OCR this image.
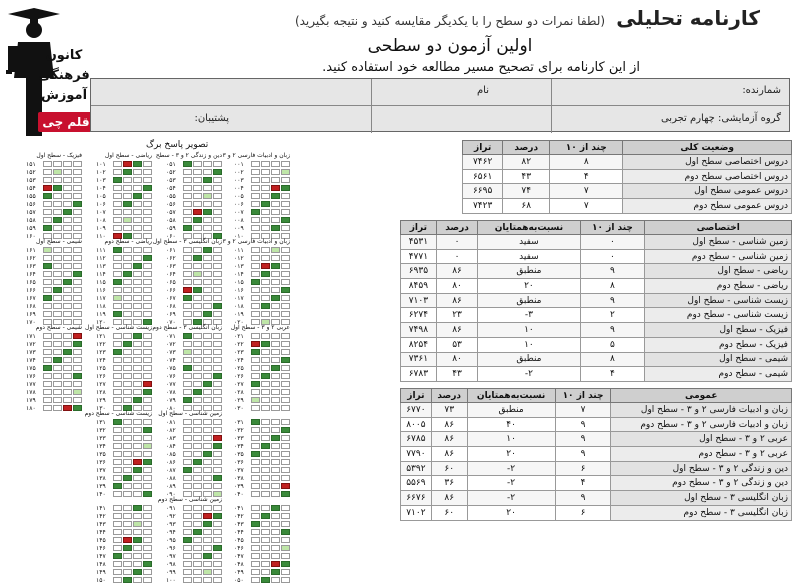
کانون
فرهنگی
آموزش
قلم چی
کارنامه تحلیلی (لطفا نمرات دو سطح را با یکدیگر مقایسه کنید و نتیجه بگیرید)
اولین آزمون دو سطحی
از این کارنامه برای تصحیح مسیر مطالعه خود استفاده کنید.
شمارنده:
نام
گروه آزمایشی: چهارم تجربی
پشتیبان:
تصویر پاسخ برگ
زبان و ادبیات فارسی ۲ و ۳
۰۰۱
۰۰۲
۰۰۳
۰۰۴
۰۰۵
۰۰۶
۰۰۷
۰۰۸
۰۰۹
۰۱۰
زبان و ادبیات فارسی ۲ و ۳
۰۱۱
۰۱۲
۰۱۳
۰۱۴
۰۱۵
۰۱۶
۰۱۷
۰۱۸
۰۱۹
۰۲۰
عربی ۲ و ۳ - سطح اول
۰۲۱
۰۲۲
۰۲۳
۰۲۴
۰۲۵
۰۲۶
۰۲۷
۰۲۸
۰۲۹
۰۳۰
۰۳۱
۰۳۲
۰۳۳
۰۳۴
۰۳۵
۰۳۶
۰۳۷
۰۳۸
۰۳۹
۰۴۰
۰۴۱
۰۴۲
۰۴۳
۰۴۴
۰۴۵
۰۴۶
۰۴۷
۰۴۸
۰۴۹
۰۵۰
دین و زندگی ۲ و ۳ - سطح
۰۵۱
۰۵۲
۰۵۳
۰۵۴
۰۵۵
۰۵۶
۰۵۷
۰۵۸
۰۵۹
۰۶۰
زبان انگلیسی ۳ - سطح اول
۰۶۱
۰۶۲
۰۶۳
۰۶۴
۰۶۵
۰۶۶
۰۶۷
۰۶۸
۰۶۹
۰۷۰
زبان انگلیسی ۳ - سطح دوم
۰۷۱
۰۷۲
۰۷۳
۰۷۴
۰۷۵
۰۷۶
۰۷۷
۰۷۸
۰۷۹
۰۸۰
زمین شناسی - سطح اول
۰۸۱
۰۸۲
۰۸۳
۰۸۴
۰۸۵
۰۸۶
۰۸۷
۰۸۸
۰۸۹
۰۹۰
زمین شناسی - سطح دوم
۰۹۱
۰۹۲
۰۹۳
۰۹۴
۰۹۵
۰۹۶
۰۹۷
۰۹۸
۰۹۹
۱۰۰
ریاضی - سطح اول
۱۰۱
۱۰۲
۱۰۳
۱۰۴
۱۰۵
۱۰۶
۱۰۷
۱۰۸
۱۰۹
۱۱۰
ریاضی - سطح دوم
۱۱۱
۱۱۲
۱۱۳
۱۱۴
۱۱۵
۱۱۶
۱۱۷
۱۱۸
۱۱۹
۱۲۰
زیست شناسی - سطح اول
۱۲۱
۱۲۲
۱۲۳
۱۲۴
۱۲۵
۱۲۶
۱۲۷
۱۲۸
۱۲۹
۱۳۰
زیست شناسی - سطح دوم
۱۳۱
۱۳۲
۱۳۳
۱۳۴
۱۳۵
۱۳۶
۱۳۷
۱۳۸
۱۳۹
۱۴۰
۱۴۱
۱۴۲
۱۴۳
۱۴۴
۱۴۵
۱۴۶
۱۴۷
۱۴۸
۱۴۹
۱۵۰
فیزیک - سطح اول
۱۵۱
۱۵۲
۱۵۳
۱۵۴
۱۵۵
۱۵۶
۱۵۷
۱۵۸
۱۵۹
۱۶۰
شیمی - سطح اول
۱۶۱
۱۶۲
۱۶۳
۱۶۴
۱۶۵
۱۶۶
۱۶۷
۱۶۸
۱۶۹
۱۷۰
شیمی - سطح دوم
۱۷۱
۱۷۲
۱۷۳
۱۷۴
۱۷۵
۱۷۶
۱۷۷
۱۷۸
۱۷۹
۱۸۰
وضعیت کلی	چند از ۱۰	درصد	تراز
دروس اختصاصی سطح اول	۸	۸۲	۷۴۶۲
دروس اختصاصی سطح دوم	۴	۴۳	۶۵۶۱
دروس عمومی سطح اول	۷	۷۴	۶۶۹۵
دروس عمومی سطح دوم	۷	۶۸	۷۴۲۳
اختصاصی	چند از ۱۰	نسبت‌به‌همتایان	درصد	تراز
زمین شناسی - سطح اول	۰	سفید	۰	۴۵۳۱
زمین شناسی - سطح دوم	۰	سفید	۰	۴۷۷۱
ریاضی - سطح اول	۹	منطبق	۸۶	۶۹۳۵
ریاضی - سطح دوم	۸	۲۰	۸۰	۸۴۵۹
زیست شناسی - سطح اول	۹	منطبق	۸۶	۷۱۰۳
زیست شناسی - سطح دوم	۲	۳-	۲۳	۶۲۷۴
فیزیک - سطح اول	۹	۱۰	۸۶	۷۴۹۸
فیزیک - سطح دوم	۵	۱۰	۵۳	۸۲۵۴
شیمی - سطح اول	۸	منطبق	۸۰	۷۳۶۱
شیمی - سطح دوم	۴	۲-	۴۳	۶۷۸۳
عمومی	چند از ۱۰	نسبت‌به‌همتایان	درصد	تراز
زبان و ادبیات فارسی ۲ و ۳ - سطح اول	۷	منطبق	۷۳	۶۷۷۰
زبان و ادبیات فارسی ۲ و ۳ - سطح دوم	۹	۴۰	۸۶	۸۰۰۵
عربی ۲ و ۳ - سطح اول	۹	۱۰	۸۶	۶۷۸۵
عربی ۲ و ۳ - سطح دوم	۹	۲۰	۸۶	۷۷۹۰
دین و زندگی ۲ و ۳ - سطح اول	۶	۲-	۶۰	۵۳۹۲
دین و زندگی ۲ و ۳ - سطح دوم	۴	۲-	۳۶	۵۵۶۹
زبان انگلیسی ۳ - سطح اول	۹	۲-	۸۶	۶۶۷۶
زبان انگلیسی ۳ - سطح دوم	۶	۲۰	۶۰	۷۱۰۲
